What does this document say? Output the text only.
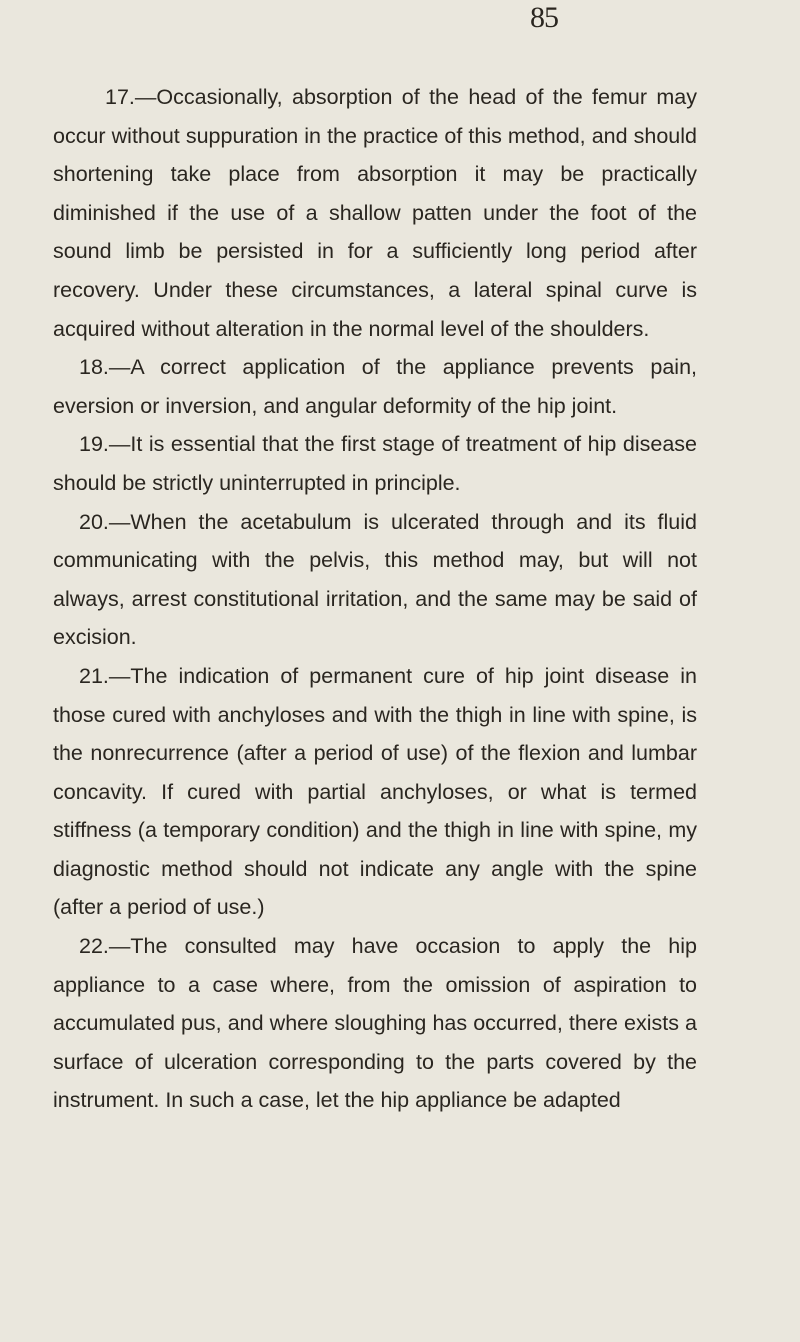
85

17.—Occasionally, absorption of the head of the femur may occur without suppuration in the practice of this method, and should shortening take place from absorption it may be practically diminished if the use of a shallow patten under the foot of the sound limb be persisted in for a sufficiently long period after recovery. Under these circumstances, a lateral spinal curve is acquired without alteration in the normal level of the shoulders.

18.—A correct application of the appliance prevents pain, eversion or inversion, and angular deformity of the hip joint.

19.—It is essential that the first stage of treatment of hip disease should be strictly uninterrupted in principle.

20.—When the acetabulum is ulcerated through and its fluid communicating with the pelvis, this method may, but will not always, arrest constitutional irritation, and the same may be said of excision.

21.—The indication of permanent cure of hip joint disease in those cured with anchyloses and with the thigh in line with spine, is the nonrecurrence (after a period of use) of the flexion and lumbar concavity. If cured with partial anchyloses, or what is termed stiffness (a temporary condition) and the thigh in line with spine, my diagnostic method should not indicate any angle with the spine (after a period of use.)

22.—The consulted may have occasion to apply the hip appliance to a case where, from the omission of aspiration to accumulated pus, and where sloughing has occurred, there exists a surface of ulceration corresponding to the parts covered by the instrument. In such a case, let the hip appliance be adapted
